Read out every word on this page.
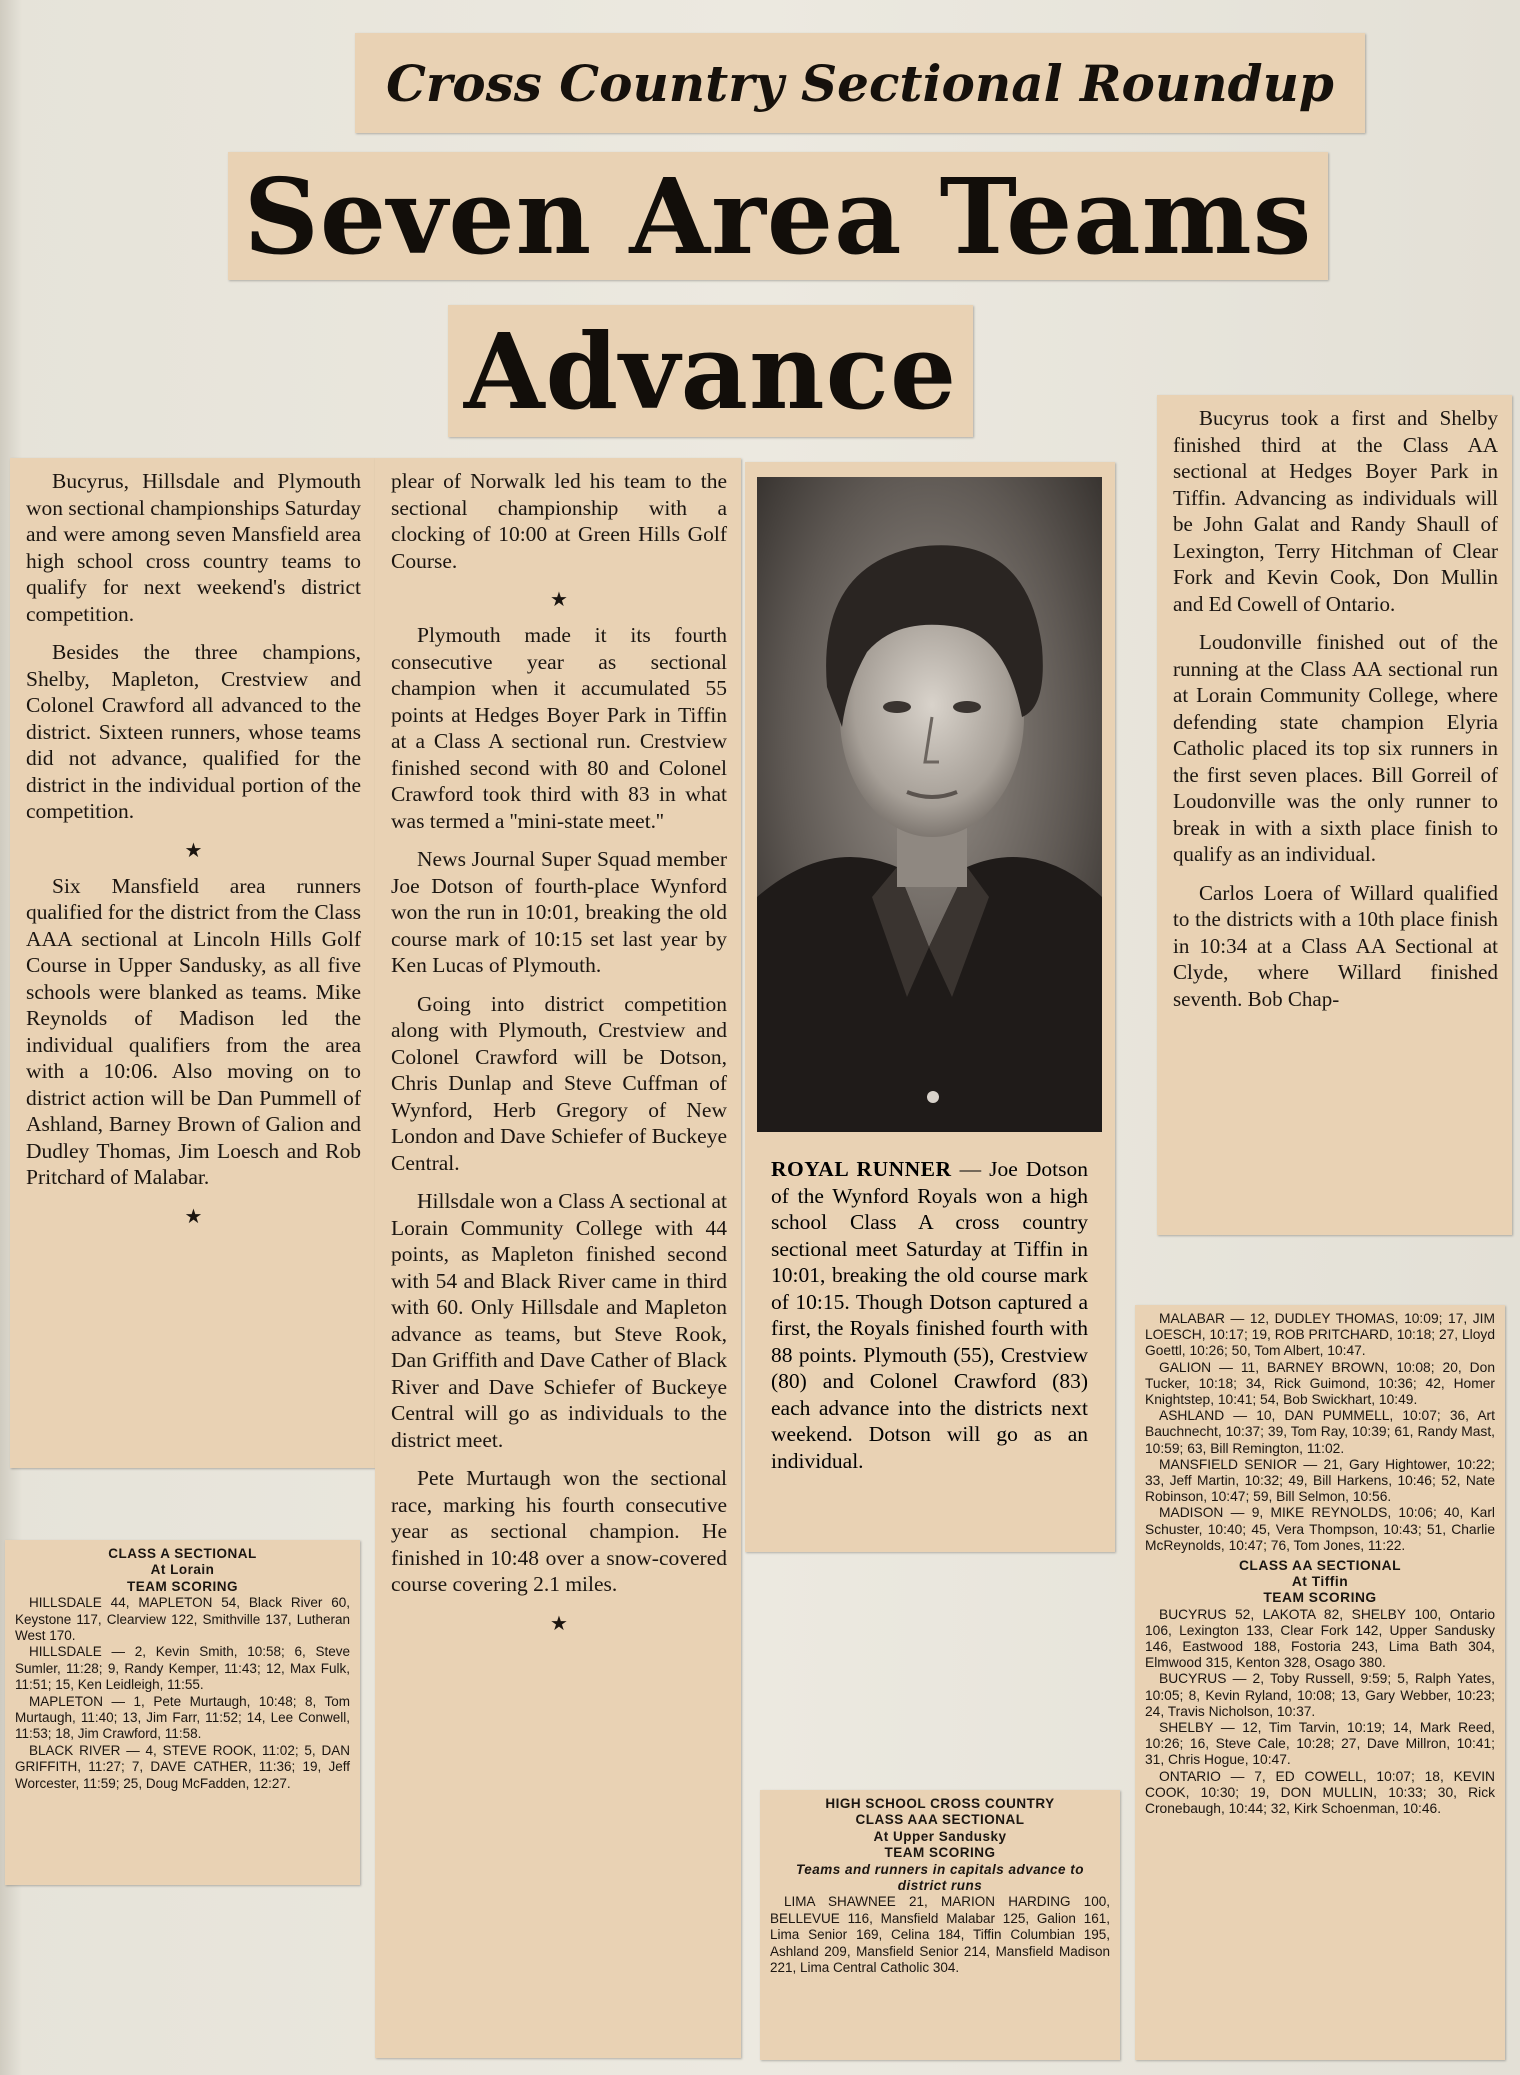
Cross Country Sectional Roundup
Seven Area Teams
Advance

Bucyrus, Hillsdale and Plymouth won sectional championships Saturday and were among seven Mansfield area high school cross country teams to qualify for next weekend's district competition.

Besides the three champions, Shelby, Mapleton, Crestview and Colonel Crawford all advanced to the district. Sixteen runners, whose teams did not advance, qualified for the district in the individual portion of the competition.

★

Six Mansfield area runners qualified for the district from the Class AAA sectional at Lincoln Hills Golf Course in Upper Sandusky, as all five schools were blanked as teams. Mike Reynolds of Madison led the individual qualifiers from the area with a 10:06. Also moving on to district action will be Dan Pummell of Ashland, Barney Brown of Galion and Dudley Thomas, Jim Loesch and Rob Pritchard of Malabar.

★

plear of Norwalk led his team to the sectional championship with a clocking of 10:00 at Green Hills Golf Course.

★

Plymouth made it its fourth consecutive year as sectional champion when it accumulated 55 points at Hedges Boyer Park in Tiffin at a Class A sectional run. Crestview finished second with 80 and Colonel Crawford took third with 83 in what was termed a ''mini-state meet.''

News Journal Super Squad member Joe Dotson of fourth-place Wynford won the run in 10:01, breaking the old course mark of 10:15 set last year by Ken Lucas of Plymouth.

Going into district competition along with Plymouth, Crestview and Colonel Crawford will be Dotson, Chris Dunlap and Steve Cuffman of Wynford, Herb Gregory of New London and Dave Schiefer of Buckeye Central.

Hillsdale won a Class A sectional at Lorain Community College with 44 points, as Mapleton finished second with 54 and Black River came in third with 60. Only Hillsdale and Mapleton advance as teams, but Steve Rook, Dan Griffith and Dave Cather of Black River and Dave Schiefer of Buckeye Central will go as individuals to the district meet.

Pete Murtaugh won the sectional race, marking his fourth consecutive year as sectional champion. He finished in 10:48 over a snow-covered course covering 2.1 miles.

★
ROYAL RUNNER — Joe Dotson of the Wynford Royals won a high school Class A cross country sectional meet Saturday at Tiffin in 10:01, breaking the old course mark of 10:15. Though Dotson captured a first, the Royals finished fourth with 88 points. Plymouth (55), Crestview (80) and Colonel Crawford (83) each advance into the districts next weekend. Dotson will go as an individual.

Bucyrus took a first and Shelby finished third at the Class AA sectional at Hedges Boyer Park in Tiffin. Advancing as individuals will be John Galat and Randy Shaull of Lexington, Terry Hitchman of Clear Fork and Kevin Cook, Don Mullin and Ed Cowell of Ontario.

Loudonville finished out of the running at the Class AA sectional run at Lorain Community College, where defending state champion Elyria Catholic placed its top six runners in the first seven places. Bill Gorreil of Loudonville was the only runner to break in with a sixth place finish to qualify as an individual.

Carlos Loera of Willard qualified to the districts with a 10th place finish in 10:34 at a Class AA Sectional at Clyde, where Willard finished seventh. Bob Chap-

CLASS A SECTIONAL
At Lorain
TEAM SCORING

HILLSDALE 44, MAPLETON 54, Black River 60, Keystone 117, Clearview 122, Smithville 137, Lutheran West 170.

HILLSDALE — 2, Kevin Smith, 10:58; 6, Steve Sumler, 11:28; 9, Randy Kemper, 11:43; 12, Max Fulk, 11:51; 15, Ken Leidleigh, 11:55.

MAPLETON — 1, Pete Murtaugh, 10:48; 8, Tom Murtaugh, 11:40; 13, Jim Farr, 11:52; 14, Lee Conwell, 11:53; 18, Jim Crawford, 11:58.

BLACK RIVER — 4, STEVE ROOK, 11:02; 5, DAN GRIFFITH, 11:27; 7, DAVE CATHER, 11:36; 19, Jeff Worcester, 11:59; 25, Doug McFadden, 12:27.

HIGH SCHOOL CROSS COUNTRY
CLASS AAA SECTIONAL
At Upper Sandusky
TEAM SCORING
Teams and runners in capitals advance to district runs

LIMA SHAWNEE 21, MARION HARDING 100, BELLEVUE 116, Mansfield Malabar 125, Galion 161, Lima Senior 169, Celina 184, Tiffin Columbian 195, Ashland 209, Mansfield Senior 214, Mansfield Madison 221, Lima Central Catholic 304.

MALABAR — 12, DUDLEY THOMAS, 10:09; 17, JIM LOESCH, 10:17; 19, ROB PRITCHARD, 10:18; 27, Lloyd Goettl, 10:26; 50, Tom Albert, 10:47.

GALION — 11, BARNEY BROWN, 10:08; 20, Don Tucker, 10:18; 34, Rick Guimond, 10:36; 42, Homer Knightstep, 10:41; 54, Bob Swickhart, 10:49.

ASHLAND — 10, DAN PUMMELL, 10:07; 36, Art Bauchnecht, 10:37; 39, Tom Ray, 10:39; 61, Randy Mast, 10:59; 63, Bill Remington, 11:02.

MANSFIELD SENIOR — 21, Gary Hightower, 10:22; 33, Jeff Martin, 10:32; 49, Bill Harkens, 10:46; 52, Nate Robinson, 10:47; 59, Bill Selmon, 10:56.

MADISON — 9, MIKE REYNOLDS, 10:06; 40, Karl Schuster, 10:40; 45, Vera Thompson, 10:43; 51, Charlie McReynolds, 10:47; 76, Tom Jones, 11:22.

CLASS AA SECTIONAL
At Tiffin
TEAM SCORING

BUCYRUS 52, LAKOTA 82, SHELBY 100, Ontario 106, Lexington 133, Clear Fork 142, Upper Sandusky 146, Eastwood 188, Fostoria 243, Lima Bath 304, Elmwood 315, Kenton 328, Osago 380.

BUCYRUS — 2, Toby Russell, 9:59; 5, Ralph Yates, 10:05; 8, Kevin Ryland, 10:08; 13, Gary Webber, 10:23; 24, Travis Nicholson, 10:37.

SHELBY — 12, Tim Tarvin, 10:19; 14, Mark Reed, 10:26; 16, Steve Cale, 10:28; 27, Dave Millron, 10:41; 31, Chris Hogue, 10:47.

ONTARIO — 7, ED COWELL, 10:07; 18, KEVIN COOK, 10:30; 19, DON MULLIN, 10:33; 30, Rick Cronebaugh, 10:44; 32, Kirk Schoenman, 10:46.
